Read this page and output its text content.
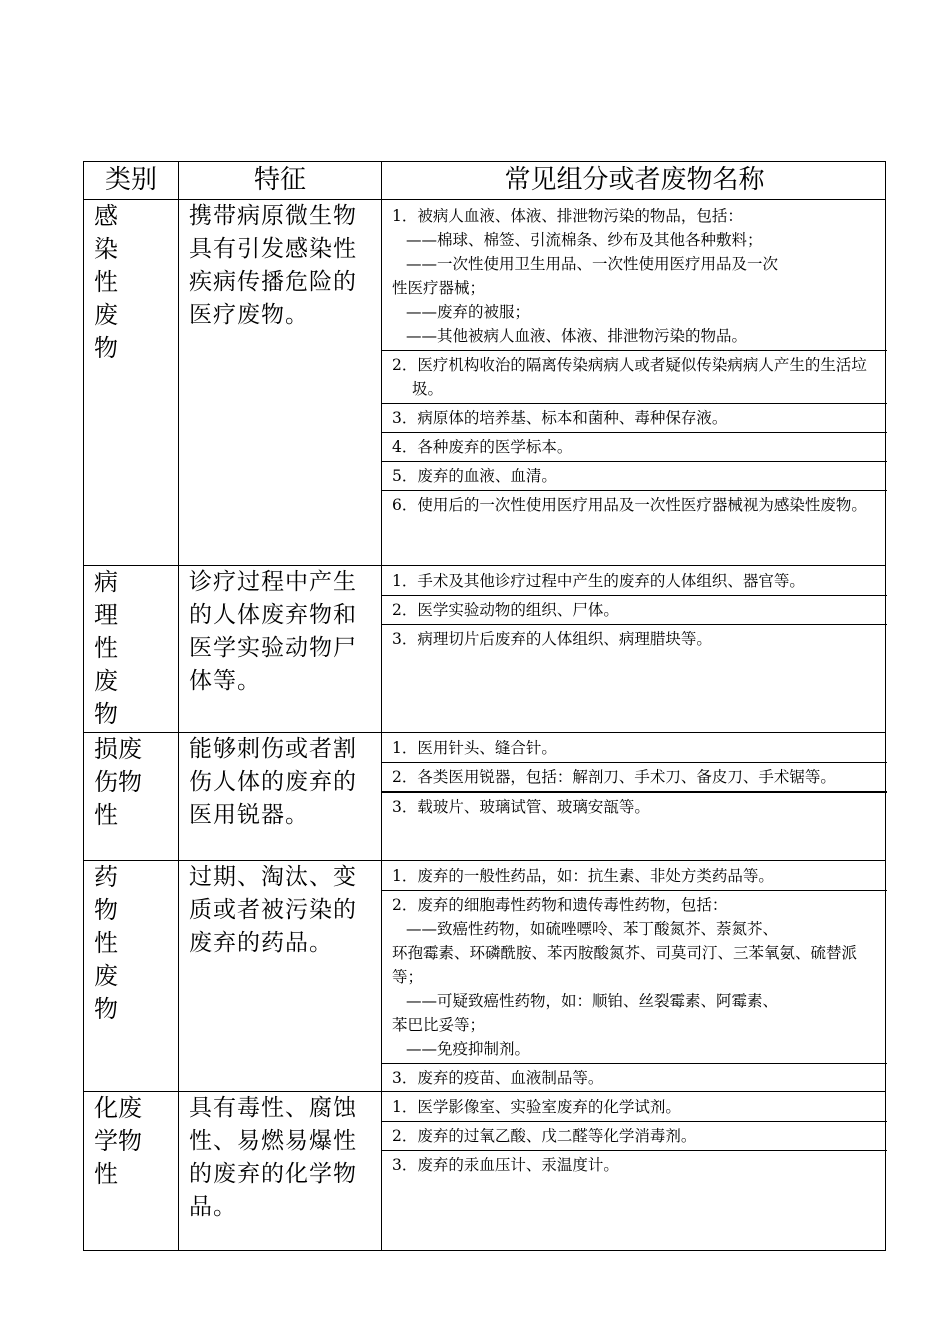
类别	特征	常见组分或者废物名称
感
染
性
废
物
携带病原微生物具有引发感染性疾病传播危险的医疗废物。
1．被病人血液、体液、排泄物污染的物品，包括：
——棉球、棉签、引流棉条、纱布及其他各种敷料；
——一次性使用卫生用品、一次性使用医疗用品及一次
性医疗器械；
——废弃的被服；
——其他被病人血液、体液、排泄物污染的物品。
2．医疗机构收治的隔离传染病病人或者疑似传染病病人产生的生活垃圾。
3．病原体的培养基、标本和菌种、毒种保存液。
4．各种废弃的医学标本。
5．废弃的血液、血清。
6．使用后的一次性使用医疗用品及一次性医疗器械视为感染性废物。
病
理
性
废
物
诊疗过程中产生的人体废弃物和医学实验动物尸体等。
1．手术及其他诊疗过程中产生的废弃的人体组织、器官等。
2．医学实验动物的组织、尸体。
3．病理切片后废弃的人体组织、病理腊块等。
损废
伤物
性
能够刺伤或者割伤人体的废弃的医用锐器。
1．医用针头、缝合针。
2．各类医用锐器，包括：解剖刀、手术刀、备皮刀、手术锯等。
3．载玻片、玻璃试管、玻璃安瓿等。
药
物
性
废
物
过期、淘汰、变质或者被污染的废弃的药品。
1．废弃的一般性药品，如：抗生素、非处方类药品等。
2．废弃的细胞毒性药物和遗传毒性药物，包括：
——致癌性药物，如硫唑嘌呤、苯丁酸氮芥、萘氮芥、
环孢霉素、环磷酰胺、苯丙胺酸氮芥、司莫司汀、三苯氧氨、硫替派等；
——可疑致癌性药物，如：顺铂、丝裂霉素、阿霉素、
苯巴比妥等；
——免疫抑制剂。
3．废弃的疫苗、血液制品等。
化废
学物
性
具有毒性、腐蚀性、易燃易爆性的废弃的化学物品。
1．医学影像室、实验室废弃的化学试剂。
2．废弃的过氧乙酸、戊二醛等化学消毒剂。
3．废弃的汞血压计、汞温度计。
